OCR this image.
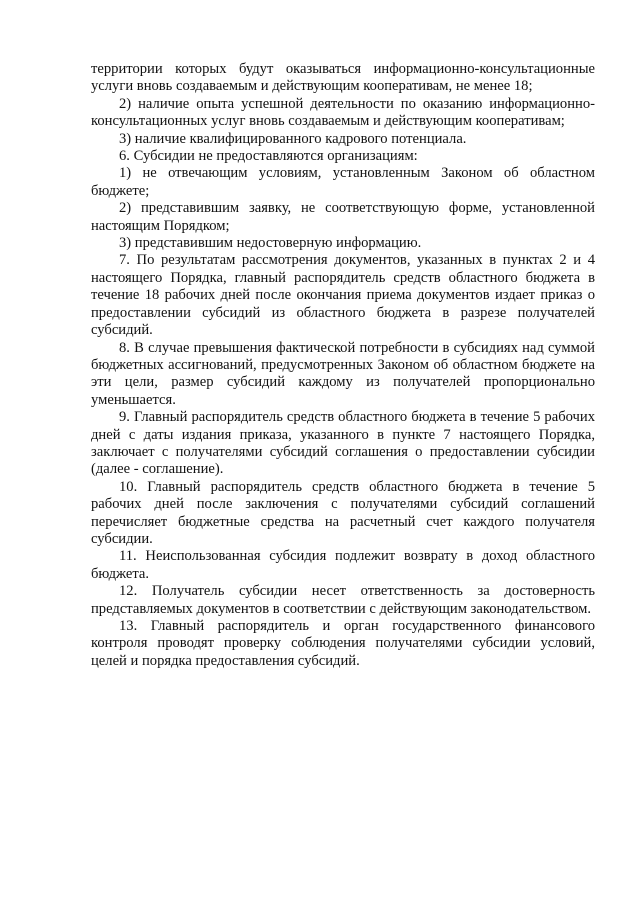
территории которых будут оказываться информационно-консультационные услуги вновь создаваемым и действующим кооперативам, не менее 18;

2) наличие опыта успешной деятельности по оказанию информационно-консультационных услуг вновь создаваемым и действующим кооперативам;

3) наличие квалифицированного кадрового потенциала.

6. Субсидии не предоставляются организациям:

1) не отвечающим условиям, установленным Законом об областном бюджете;

2) представившим заявку, не соответствующую форме, установленной настоящим Порядком;

3) представившим недостоверную информацию.

7. По результатам рассмотрения документов, указанных в пунктах 2 и 4 настоящего Порядка, главный распорядитель средств областного бюджета в течение 18 рабочих дней после окончания приема документов издает приказ о предоставлении субсидий из областного бюджета в разрезе получателей субсидий.

8. В случае превышения фактической потребности в субсидиях над суммой бюджетных ассигнований, предусмотренных Законом об областном бюджете на эти цели, размер субсидий каждому из получателей пропорционально уменьшается.

9. Главный распорядитель средств областного бюджета в течение 5 рабочих дней с даты издания приказа, указанного в пункте 7 настоящего Порядка, заключает с получателями субсидий соглашения о предоставлении субсидии (далее - соглашение).

10. Главный распорядитель средств областного бюджета в течение 5 рабочих дней после заключения с получателями субсидий соглашений перечисляет бюджетные средства на расчетный счет каждого получателя субсидии.

11. Неиспользованная субсидия подлежит возврату в доход областного бюджета.

12. Получатель субсидии несет ответственность за достоверность представляемых документов в соответствии с действующим законодательством.

13. Главный распорядитель и орган государственного финансового контроля проводят проверку соблюдения получателями субсидии условий, целей и порядка предоставления субсидий.
